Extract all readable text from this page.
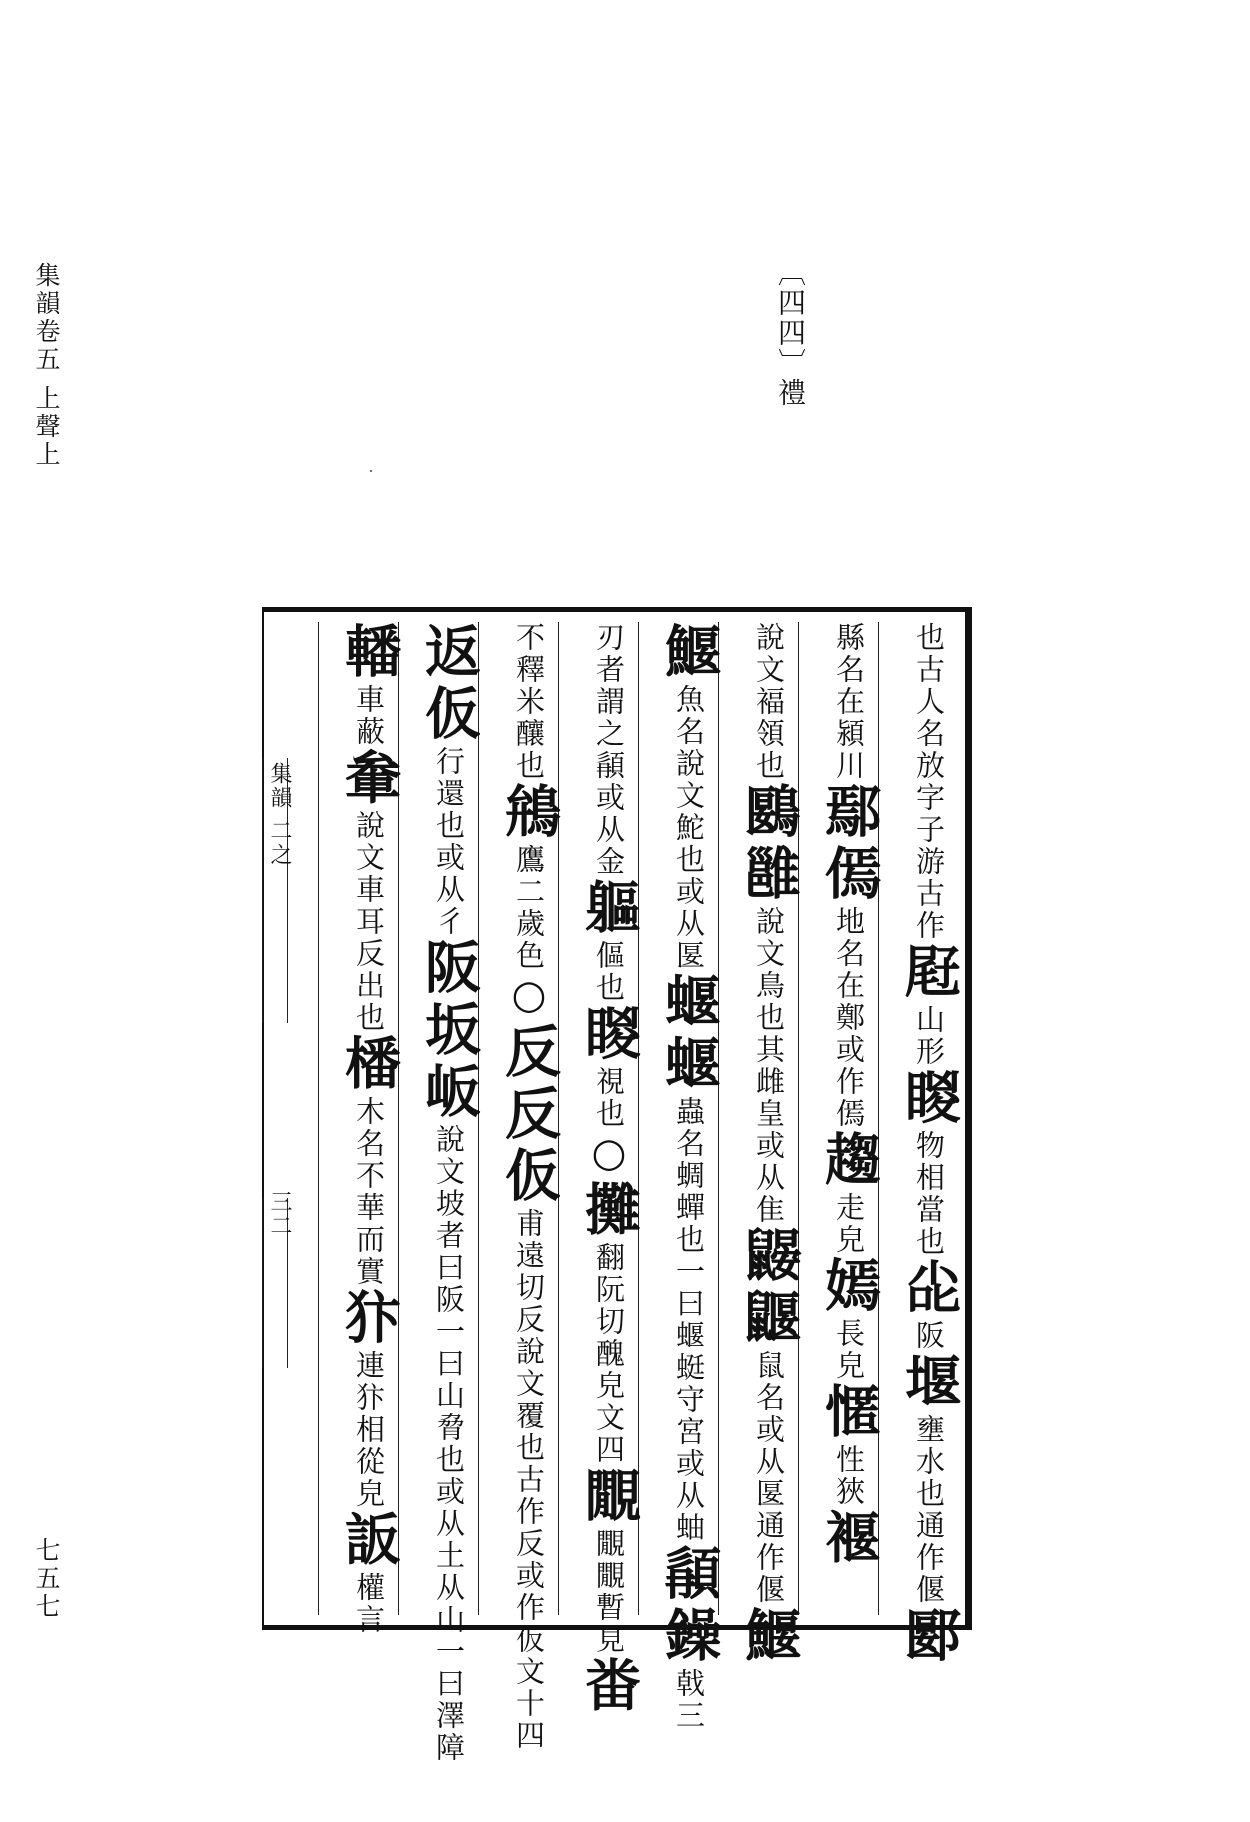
集韻卷五 上聲上
七五七
〔四四〕禮
也古人名放字子游古作屘山形䁓物相當也㕾阪堰壅水也通作偃郾
縣名在潁川鄢傿地名在鄭或作傿趨走皃嫣長皃㥾性狹褗
說文褔領也鶠雝說文鳥也其雌皇或从隹鼹鼴鼠名或从匽通作偃鰋
鰋魚名說文鮀也或从匽蝘蝘蟲名蜩蟬也一曰蝘蜓守宮或从蚰䫇鐰戟三
刃者謂之䫇或从金軀傴也䁓視也○攤翻阮切醜皃文四覵覵覵暫見畨
不釋米釀也鴘鷹二歲色○反反仮甫遠切反說文覆也古作反或作仮文十四
返仮行還也或从彳阪坂岅說文坡者曰阪一曰山脅也或从土从山一曰澤障
轓車蔽軬說文車耳反出也橎木名不華而實犿連犿相從皃䛀權言
集韻 二之
三二
